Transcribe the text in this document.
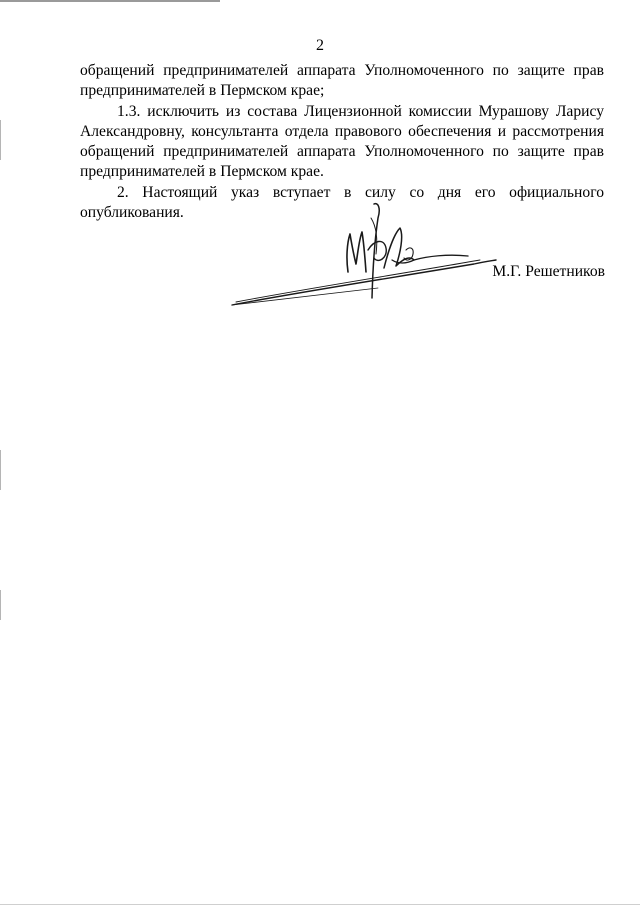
2
обращений предпринимателей аппарата Уполномоченного по защите прав
предпринимателей в Пермском крае;
1.3. исключить из состава Лицензионной комиссии Мурашову Ларису
Александровну, консультанта отдела правового обеспечения и рассмотрения
обращений предпринимателей аппарата Уполномоченного по защите прав
предпринимателей в Пермском крае.
2. Настоящий указ вступает в силу со дня его официального
опубликования.
М.Г. Решетников
